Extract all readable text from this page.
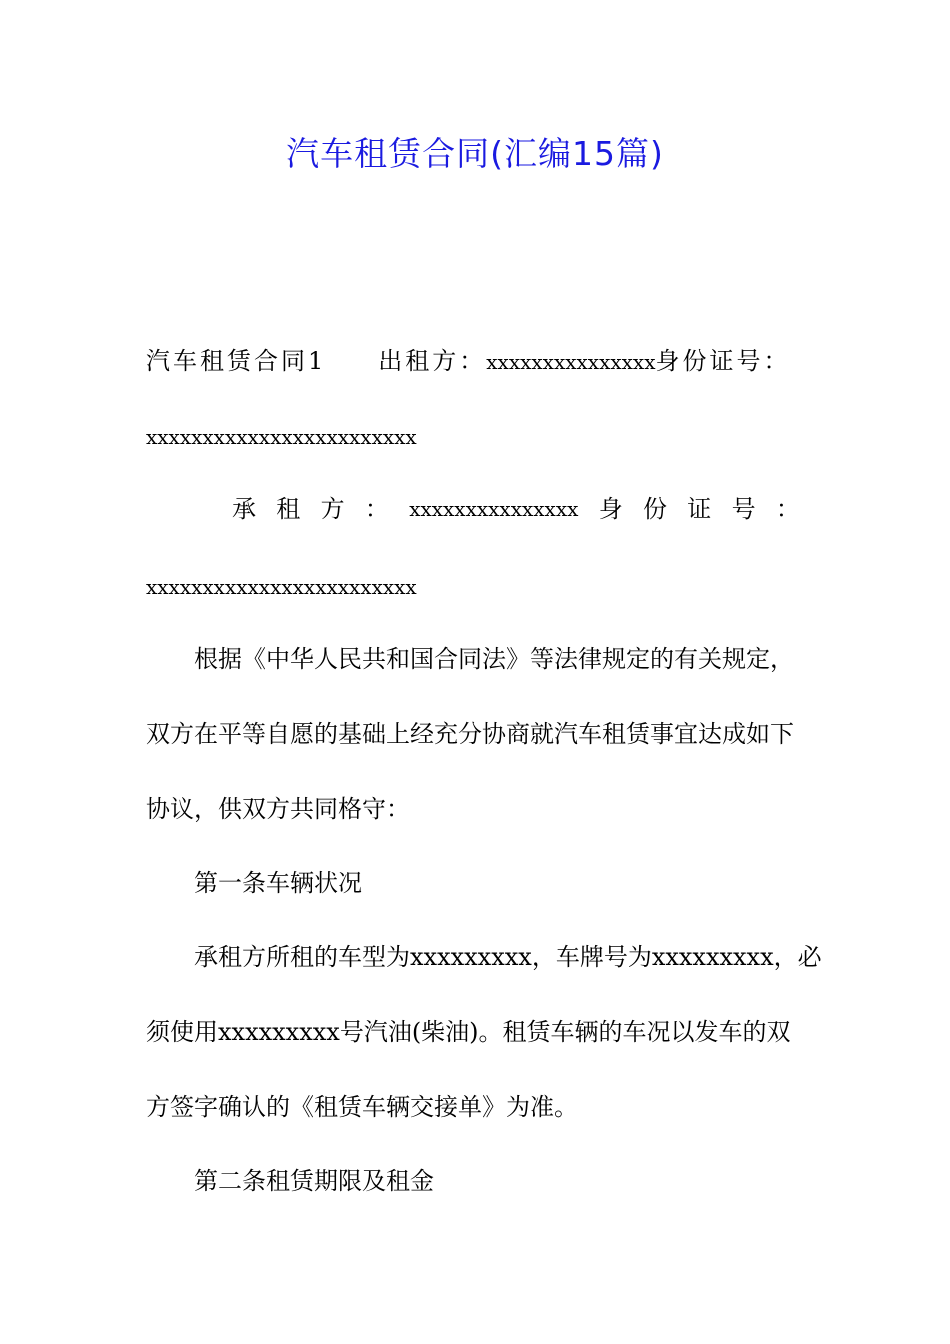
汽车租赁合同(汇编15篇)
汽车租赁合同1 出租方：xxxxxxxxxxxxxxx身份证号：
xxxxxxxxxxxxxxxxxxxxxxxx
承 租 方 ： xxxxxxxxxxxxxxx 身 份 证 号 ：
xxxxxxxxxxxxxxxxxxxxxxxx
根据《中华人民共和国合同法》等法律规定的有关规定，
双方在平等自愿的基础上经充分协商就汽车租赁事宜达成如下
协议，供双方共同格守：
第一条车辆状况
承租方所租的车型为xxxxxxxxx，车牌号为xxxxxxxxx，必
须使用xxxxxxxxx号汽油(柴油)。租赁车辆的车况以发车的双
方签字确认的《租赁车辆交接单》为准。
第二条租赁期限及租金
